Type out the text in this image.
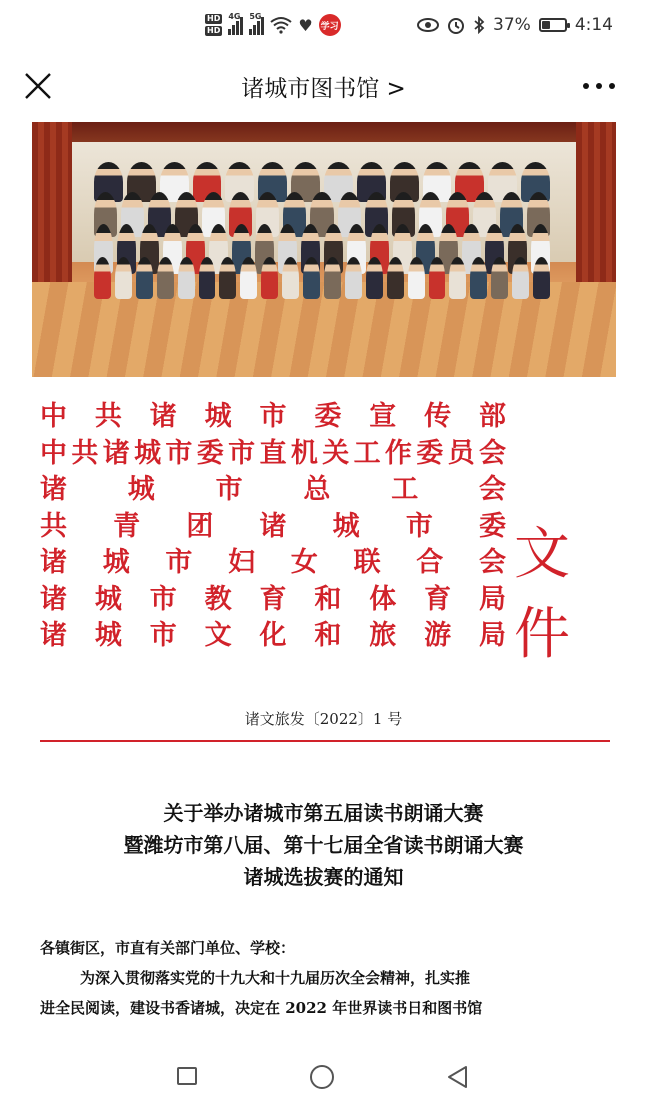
HD
HD
4G 5G ♥ 学习	37%	4:14
诸城市图书馆 >
中 共 诸 城 市 委 宣 传 部
中 共 诸 城 市 委 市 直 机 关 工 作 委 员 会
诸 城 市 总 工 会
共 青 团 诸 城 市 委
诸 城 市 妇 女 联 合 会
诸 城 市 教 育 和 体 育 局
诸 城 市 文 化 和 旅 游 局
文件
诸文旅发〔2022〕1 号
关于举办诸城市第五届读书朗诵大赛
暨潍坊市第八届、第十七届全省读书朗诵大赛
诸城选拔赛的通知
各镇街区，市直有关部门单位、学校：
为深入贯彻落实党的十九大和十九届历次全会精神，扎实推
进全民阅读，建设书香诸城，决定在 2022 年世界读书日和图书馆
